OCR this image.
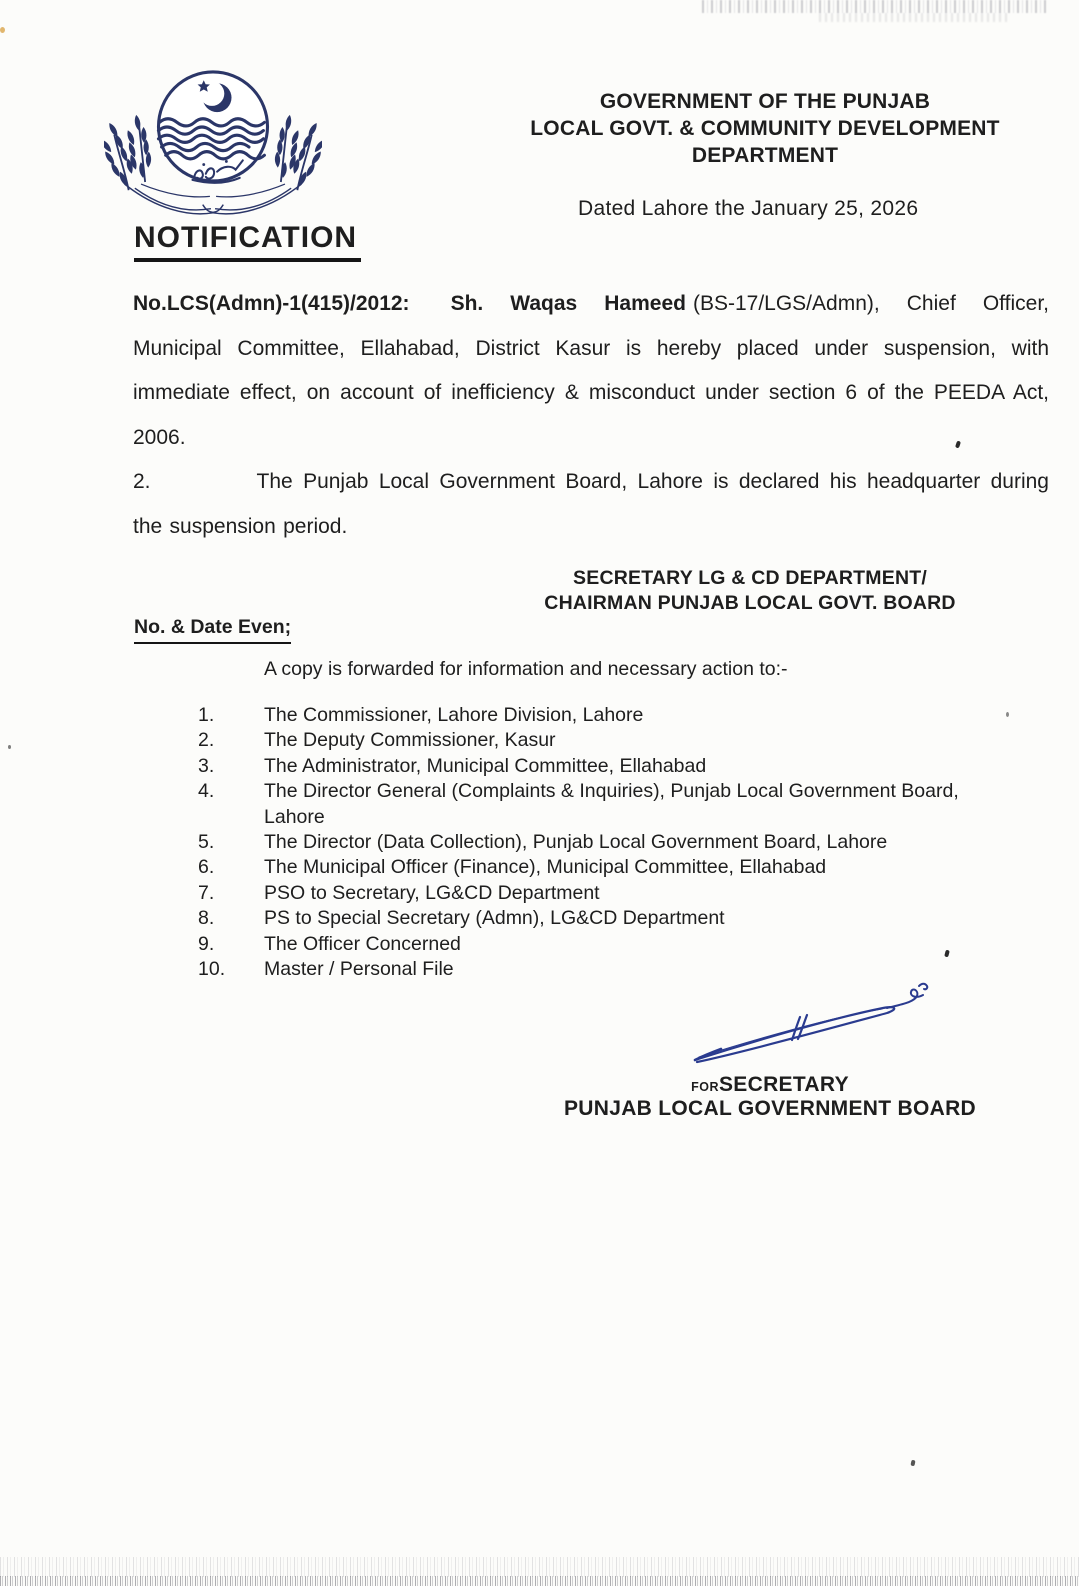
GOVERNMENT OF THE PUNJAB
LOCAL GOVT. & COMMUNITY DEVELOPMENT
DEPARTMENT
Dated Lahore the January 25, 2026
NOTIFICATION

No.LCS(Admn)-1(415)/2012: Sh. Waqas Hameed (BS-17/LGS/Admn), Chief Officer, Municipal Committee, Ellahabad, District Kasur is hereby placed under suspension, with immediate effect, on account of inefficiency & misconduct under section 6 of the PEEDA Act, 2006.

2.	The Punjab Local Government Board, Lahore is declared his headquarter during the suspension period.

SECRETARY LG & CD DEPARTMENT/
CHAIRMAN PUNJAB LOCAL GOVT. BOARD
No. & Date Even;
A copy is forwarded for information and necessary action to:-
1.	The Commissioner, Lahore Division, Lahore
2.	The Deputy Commissioner, Kasur
3.	The Administrator, Municipal Committee, Ellahabad
4.	The Director General (Complaints & Inquiries), Punjab Local Government Board, Lahore
5.	The Director (Data Collection), Punjab Local Government Board, Lahore
6.	The Municipal Officer (Finance), Municipal Committee, Ellahabad
7.	PSO to Secretary, LG&CD Department
8.	PS to Special Secretary (Admn), LG&CD Department
9.	The Officer Concerned
10.	Master / Personal File
FORSECRETARY
PUNJAB LOCAL GOVERNMENT BOARD
